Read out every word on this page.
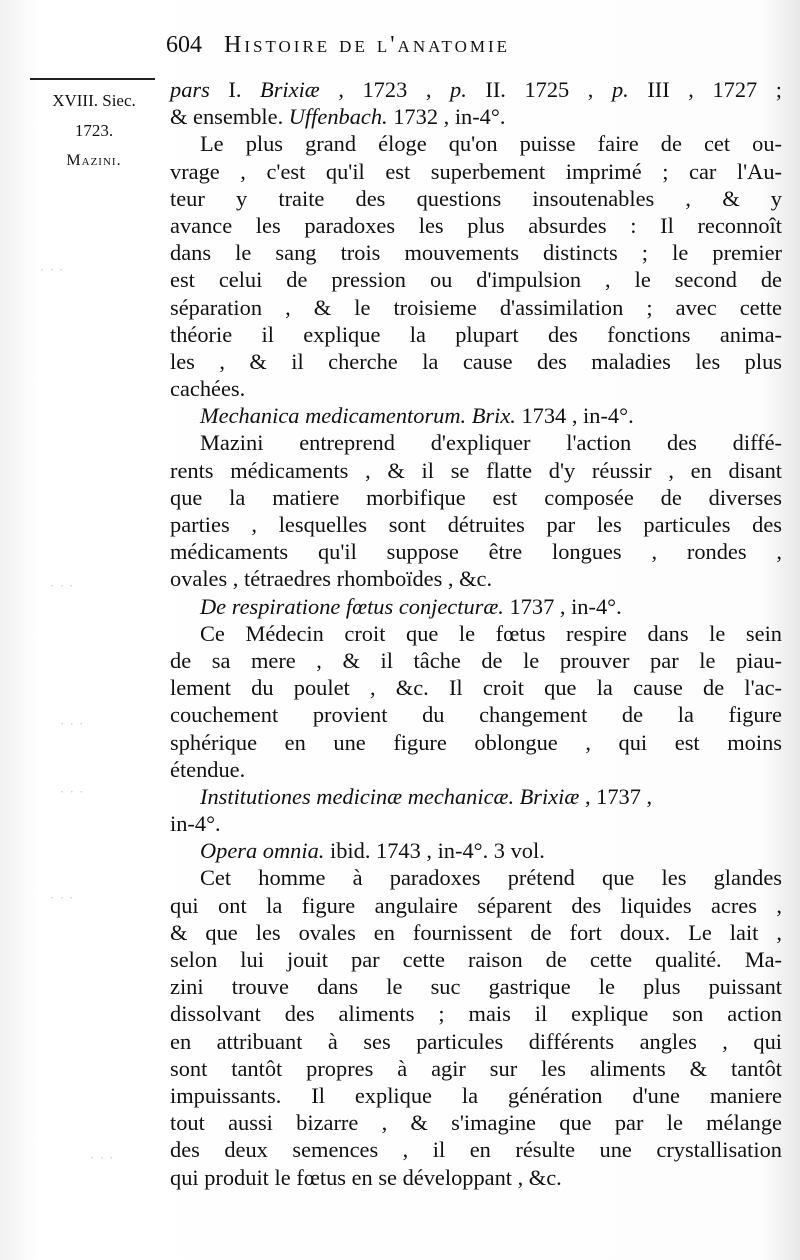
· · ·
· · ·
· · ·
· · ·
· · ·
· · ·
604 Histoire de l'anatomie
XVIII. Siec.
1723.
Mazini.
pars I. Brixiæ , 1723 , p. II. 1725 , p. III , 1727 ;
& ensemble. Uffenbach. 1732 , in-4°.
Le plus grand éloge qu'on puisse faire de cet ou-
vrage , c'est qu'il est superbement imprimé ; car l'Au-
teur y traite des questions insoutenables , & y
avance les paradoxes les plus absurdes : Il reconnoît
dans le sang trois mouvements distincts ; le premier
est celui de pression ou d'impulsion , le second de
séparation , & le troisieme d'assimilation ; avec cette
théorie il explique la plupart des fonctions anima-
les , & il cherche la cause des maladies les plus
cachées.
Mechanica medicamentorum. Brix. 1734 , in-4°.
Mazini entreprend d'expliquer l'action des diffé-
rents médicaments , & il se flatte d'y réussir , en disant
que la matiere morbifique est composée de diverses
parties , lesquelles sont détruites par les particules des
médicaments qu'il suppose être longues , rondes ,
ovales , tétraedres rhomboïdes , &c.
De respiratione fœtus conjecturæ. 1737 , in-4°.
Ce Médecin croit que le fœtus respire dans le sein
de sa mere , & il tâche de le prouver par le piau-
lement du poulet , &c. Il croit que la cause de l'ac-
couchement provient du changement de la figure
sphérique en une figure oblongue , qui est moins
étendue.
Institutiones medicinæ mechanicæ. Brixiæ , 1737 ,
in-4°.
Opera omnia. ibid. 1743 , in-4°. 3 vol.
Cet homme à paradoxes prétend que les glandes
qui ont la figure angulaire séparent des liquides acres ,
& que les ovales en fournissent de fort doux. Le lait ,
selon lui jouit par cette raison de cette qualité. Ma-
zini trouve dans le suc gastrique le plus puissant
dissolvant des aliments ; mais il explique son action
en attribuant à ses particules différents angles , qui
sont tantôt propres à agir sur les aliments & tantôt
impuissants. Il explique la génération d'une maniere
tout aussi bizarre , & s'imagine que par le mélange
des deux semences , il en résulte une crystallisation
qui produit le fœtus en se développant , &c.
